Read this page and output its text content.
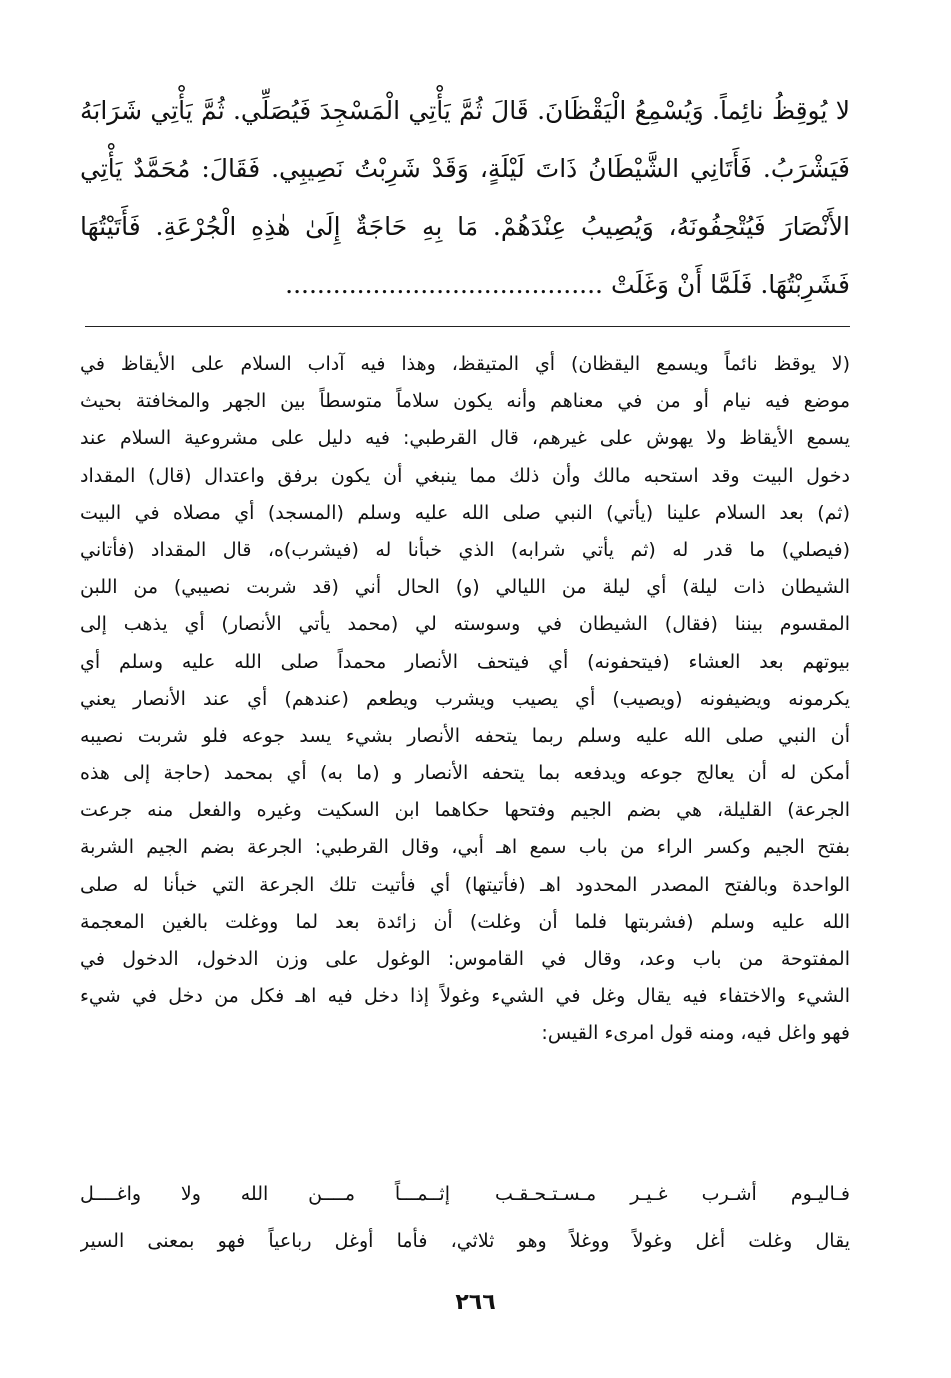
لا يُوقِظُ نائِماً. وَيُسْمِعُ الْيَقْظَانَ. قَالَ ثُمَّ يَأْتِي الْمَسْجِدَ فَيُصَلِّي. ثُمَّ يَأْتِي شَرَابَهُ
فَيَشْرَبُ. فَأَتَانِي الشَّيْطَانُ ذَاتَ لَيْلَةٍ، وَقَدْ شَرِبْتُ نَصِيبِي. فَقَالَ: مُحَمَّدٌ يَأْتِي
الأَنْصَارَ فَيُتْحِفُونَهُ، وَيُصِيبُ عِنْدَهُمْ. مَا بِهِ حَاجَةٌ إِلَىٰ هٰذِهِ الْجُرْعَةِ. فَأَتَيْتُهَا
فَشَرِبْتُهَا. فَلَمَّا أَنْ وَغَلَتْ ........................................
(لا يوقظ نائماً ويسمع اليقظان) أي المتيقظ، وهذا فيه آداب السلام على الأيقاظ في
موضع فيه نيام أو من في معناهم وأنه يكون سلاماً متوسطاً بين الجهر والمخافتة بحيث
يسمع الأيقاظ ولا يهوش على غيرهم، قال القرطبي: فيه دليل على مشروعية السلام عند
دخول البيت وقد استحبه مالك وأن ذلك مما ينبغي أن يكون برفق واعتدال (قال) المقداد
(ثم) بعد السلام علينا (يأتي) النبي صلى الله عليه وسلم (المسجد) أي مصلاه في البيت
(فيصلي) ما قدر له (ثم يأتي شرابه) الذي خبأنا له (فيشرب)ه، قال المقداد (فأتاني
الشيطان ذات ليلة) أي ليلة من الليالي (و) الحال أني (قد شربت نصيبي) من اللبن
المقسوم بيننا (فقال) الشيطان في وسوسته لي (محمد يأتي الأنصار) أي يذهب إلى
بيوتهم بعد العشاء (فيتحفونه) أي فيتحف الأنصار محمداً صلى الله عليه وسلم أي
يكرمونه ويضيفونه (ويصيب) أي يصيب ويشرب ويطعم (عندهم) أي عند الأنصار يعني
أن النبي صلى الله عليه وسلم ربما يتحفه الأنصار بشيء يسد جوعه فلو شربت نصيبه
أمكن له أن يعالج جوعه ويدفعه بما يتحفه الأنصار و (ما به) أي بمحمد (حاجة إلى هذه
الجرعة) القليلة، هي بضم الجيم وفتحها حكاهما ابن السكيت وغيره والفعل منه جرعت
بفتح الجيم وكسر الراء من باب سمع اهـ أبي، وقال القرطبي: الجرعة بضم الجيم الشربة
الواحدة وبالفتح المصدر المحدود اهـ (فأتيتها) أي فأتيت تلك الجرعة التي خبأنا له صلى
الله عليه وسلم (فشربتها فلما أن وغلت) أن زائدة بعد لما ووغلت بالغين المعجمة
المفتوحة من باب وعد، وقال في القاموس: الوغول على وزن الدخول، الدخول في
الشيء والاختفاء فيه يقال وغل في الشيء وغولاً إذا دخل فيه اهـ فكل من دخل في شيء
فهو واغل فيه، ومنه قول امرىء القيس:
فـاليـوم أشـرب غـيـر مـسـتـحـقـب
إثــمـــاً مــــن الله ولا واغــــل
يقال وغلت أغل وغولاً ووغلاً وهو ثلاثي، فأما أوغل رباعياً فهو بمعنى السير
٢٦٦
